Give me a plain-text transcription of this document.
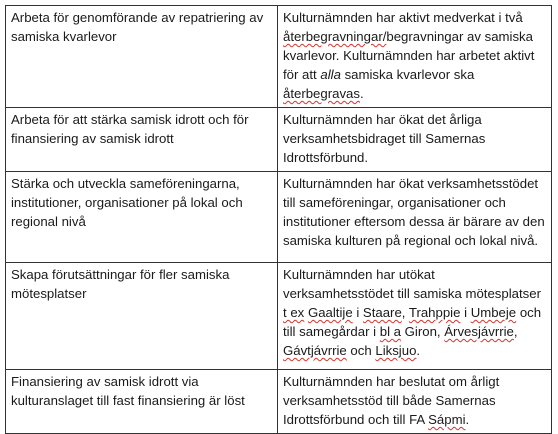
Arbeta för genomförande av repatriering av samiska kvarlevor	Kulturnämnden har aktivt medverkat i två återbegravningar/begravningar av samiska kvarlevor. Kulturnämnden har arbetet aktivt för att alla samiska kvarlevor ska återbegravas.
Arbeta för att stärka samisk idrott och för finansiering av samisk idrott	Kulturnämnden har ökat det årliga verksamhetsbidraget till Samernas Idrottsförbund.
Stärka och utveckla sameföreningarna, institutioner, organisationer på lokal och regional nivå	Kulturnämnden har ökat verksamhetsstödet till sameföreningar, organisationer och institutioner eftersom dessa är bärare av den samiska kulturen på regional och lokal nivå.
Skapa förutsättningar för fler samiska mötesplatser	Kulturnämnden har utökat verksamhetsstödet till samiska mötesplatser t ex Gaaltije i Staare, Trahppie i Umbeje och till samegårdar i bl a Giron, Árvesjávrrie, Gávtjávrrie och Liksjuo.
Finansiering av samisk idrott via kulturanslaget till fast finansiering är löst	Kulturnämnden har beslutat om årligt verksamhetsstöd till både Samernas Idrottsförbund och till FA Sápmi.
